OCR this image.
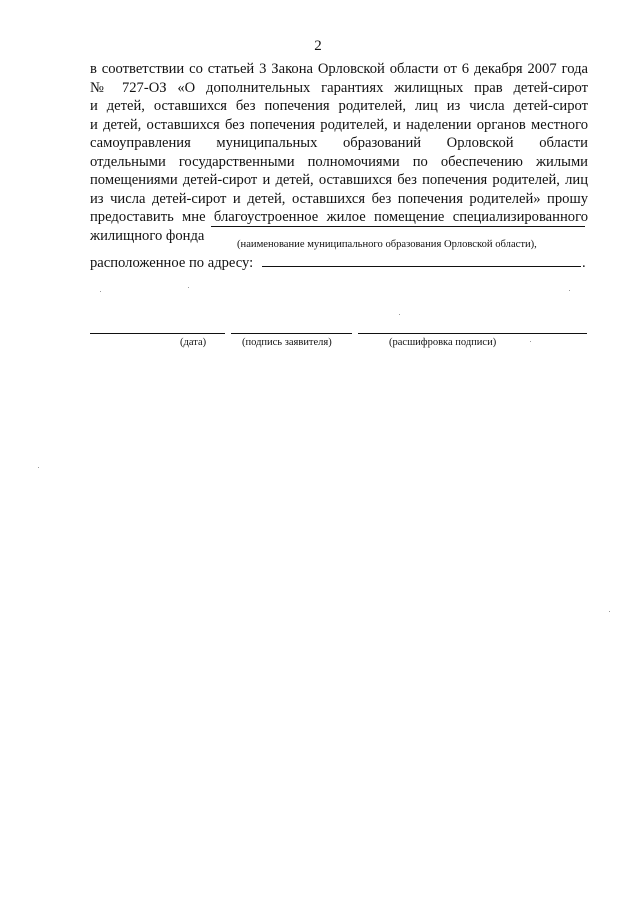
2
в соответствии со статьей 3 Закона Орловской области от 6 декабря 2007 года
№ 727-ОЗ «О дополнительных гарантиях жилищных прав детей-сирот
и детей, оставшихся без попечения родителей, лиц из числа детей-сирот
и детей, оставшихся без попечения родителей, и наделении органов местного
самоуправления муниципальных образований Орловской области
отдельными государственными полномочиями по обеспечению жилыми
помещениями детей-сирот и детей, оставшихся без попечения родителей, лиц
из числа детей-сирот и детей, оставшихся без попечения родителей» прошу
предоставить мне благоустроенное жилое помещение специализированного
жилищного фонда
(наименование муниципального образования Орловской области),
расположенное по адресу:	.
(дата)	(подпись заявителя)	(расшифровка подписи)
